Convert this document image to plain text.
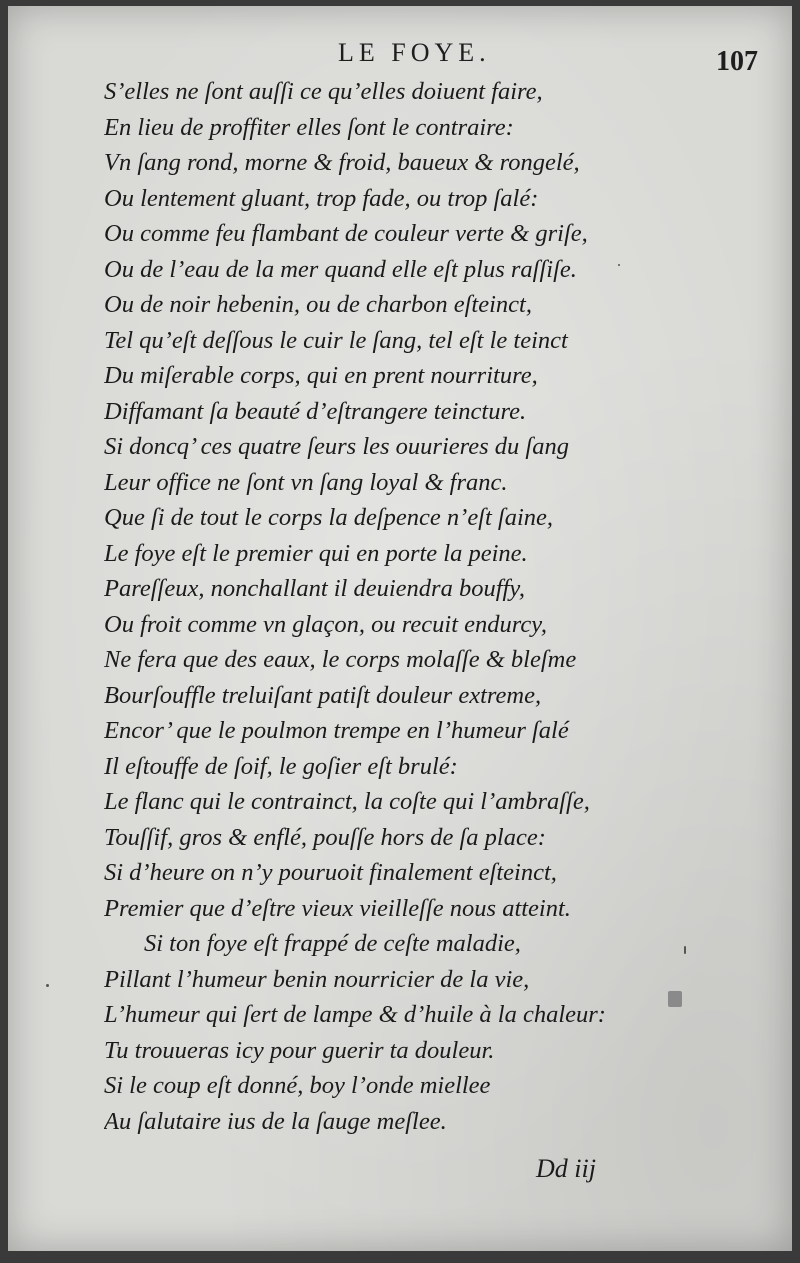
LE FOYE.	107
S’elles ne ſont auſſi ce qu’elles doiuent faire,
En lieu de proffiter elles ſont le contraire:
Vn ſang rond, morne & froid, baueux & rongelé,
Ou lentement gluant, trop fade, ou trop ſalé:
Ou comme feu flambant de couleur verte & griſe,
Ou de l’eau de la mer quand elle eſt plus raſſiſe.
Ou de noir hebenin, ou de charbon eſteinct,
Tel qu’eſt deſſous le cuir le ſang, tel eſt le teinct
Du miſerable corps, qui en prent nourriture,
Diffamant ſa beauté d’eſtrangere teincture.
Si doncq’ ces quatre ſeurs les ouurieres du ſang
Leur office ne ſont vn ſang loyal & franc.
Que ſi de tout le corps la deſpence n’eſt ſaine,
Le foye eſt le premier qui en porte la peine.
Pareſſeux, nonchallant il deuiendra bouffy,
Ou froit comme vn glaçon, ou recuit endurcy,
Ne fera que des eaux, le corps molaſſe & bleſme
Bourſouffle treluiſant patiſt douleur extreme,
Encor’ que le poulmon trempe en l’humeur ſalé
Il eſtouffe de ſoif, le goſier eſt brulé:
Le flanc qui le contrainct, la coſte qui l’ambraſſe,
Touſſif, gros & enflé, pouſſe hors de ſa place:
Si d’heure on n’y pouruoit finalement eſteinct,
Premier que d’eſtre vieux vieilleſſe nous atteint.
Si ton foye eſt frappé de ceſte maladie,
Pillant l’humeur benin nourricier de la vie,
L’humeur qui ſert de lampe & d’huile à la chaleur:
Tu trouueras icy pour guerir ta douleur.
Si le coup eſt donné, boy l’onde miellee
Au ſalutaire ius de la ſauge meſlee.
Dd iij
